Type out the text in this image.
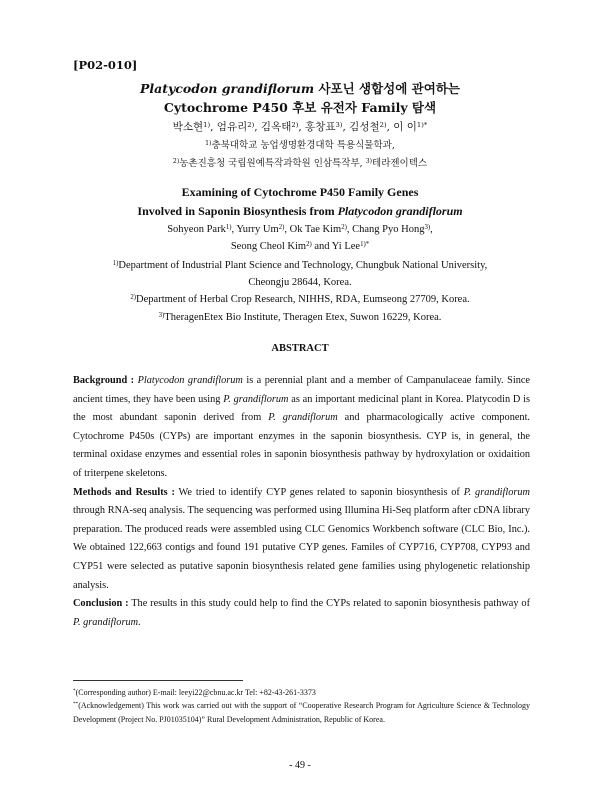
[P02-010]
Platycodon grandiflorum 사포닌 생합성에 관여하는
Cytochrome P450 후보 유전자 Family 탐색
박소현$^{1)}$, 엄유리$^{2)}$, 김옥태$^{2)}$, 홍창표$^{3)}$, 김성철$^{2)}$, 이 이$^{1)*}$
$^{1)}$충북대학교 농업생명환경대학 특용식물학과,
$^{2)}$농촌진흥청 국립원예특작과학원 인삼특작부, $^{3)}$테라젠이텍스
Examining of Cytochrome P450 Family Genes
Involved in Saponin Biosynthesis from Platycodon grandiflorum
Sohyeon Park$^{1)}$, Yurry Um$^{2)}$, Ok Tae Kim$^{2)}$, Chang Pyo Hong$^{3)}$,
Seong Cheol Kim$^{2)}$ and Yi Lee$^{1)*}$
$^{1)}$Department of Industrial Plant Science and Technology, Chungbuk National University,
Cheongju 28644, Korea.
$^{2)}$Department of Herbal Crop Research, NIHHS, RDA, Eumseong 27709, Korea.
$^{3)}$TheragenEtex Bio Institute, Theragen Etex, Suwon 16229, Korea.
ABSTRACT

Background : Platycodon grandiflorum is a perennial plant and a member of Campanulaceae family. Since ancient times, they have been using P. grandiflorum as an important medicinal plant in Korea. Platycodin D is the most abundant saponin derived from P. grandiflorum and pharmacologically active component. Cytochrome P450s (CYPs) are important enzymes in the saponin biosynthesis. CYP is, in general, the terminal oxidase enzymes and essential roles in saponin biosynthesis pathway by hydroxylation or oxidaition of triterpene skeletons.

Methods and Results : We tried to identify CYP genes related to saponin biosynthesis of P. grandiflorum through RNA-seq analysis. The sequencing was performed using Illumina Hi-Seq platform after cDNA library preparation. The produced reads were assembled using CLC Genomics Workbench software (CLC Bio, Inc.). We obtained 122,663 contigs and found 191 putative CYP genes. Familes of CYP716, CYP708, CYP93 and CYP51 were selected as putative saponin biosynthesis related gene families using phylogenetic relationship analysis.

Conclusion : The results in this study could help to find the CYPs related to saponin biosynthesis pathway of P. grandiflorum.

*(Corresponding author) E-mail: leeyi22@cbnu.ac.kr Tel: +82-43-261-3373
**(Acknowledgement) This work was carried out with the support of “Cooperative Research Program for Agriculture Science & Technology Development (Project No. PJ01035104)” Rural Development Administration, Republic of Korea.
- 49 -
